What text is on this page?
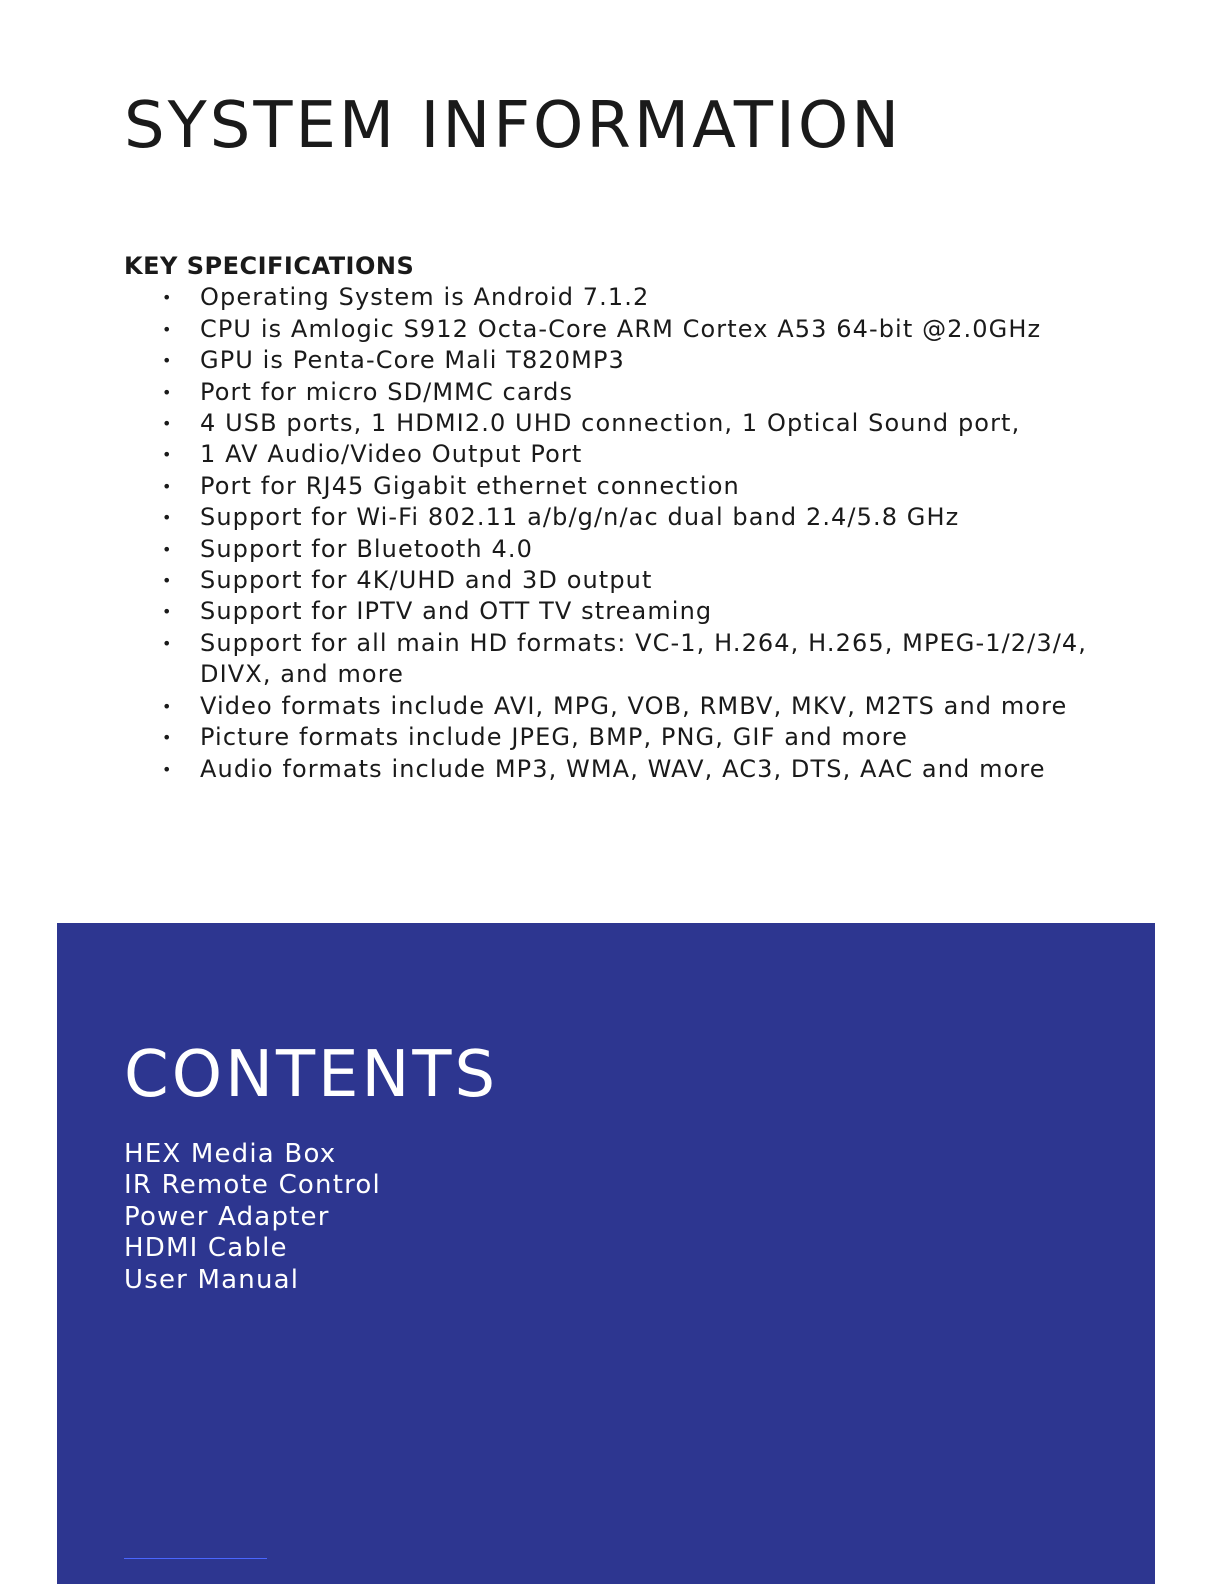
SYSTEM INFORMATION
KEY SPECIFICATIONS
• Operating System is Android 7.1.2
• CPU is Amlogic S912 Octa-Core ARM Cortex A53 64-bit @2.0GHz
• GPU is Penta-Core Mali T820MP3
• Port for micro SD/MMC cards
• 4 USB ports, 1 HDMI2.0 UHD connection, 1 Optical Sound port,
• 1 AV Audio/Video Output Port
• Port for RJ45 Gigabit ethernet connection
• Support for Wi-Fi 802.11 a/b/g/n/ac dual band 2.4/5.8 GHz
• Support for Bluetooth 4.0
• Support for 4K/UHD and 3D output
• Support for IPTV and OTT TV streaming
• Support for all main HD formats: VC-1, H.264, H.265, MPEG-1/2/3/4, DIVX, and more
• Video formats include AVI, MPG, VOB, RMBV, MKV, M2TS and more
• Picture formats include JPEG, BMP, PNG, GIF and more
• Audio formats include MP3, WMA, WAV, AC3, DTS, AAC and more
CONTENTS
HEX Media Box
IR Remote Control
Power Adapter
HDMI Cable
User Manual
